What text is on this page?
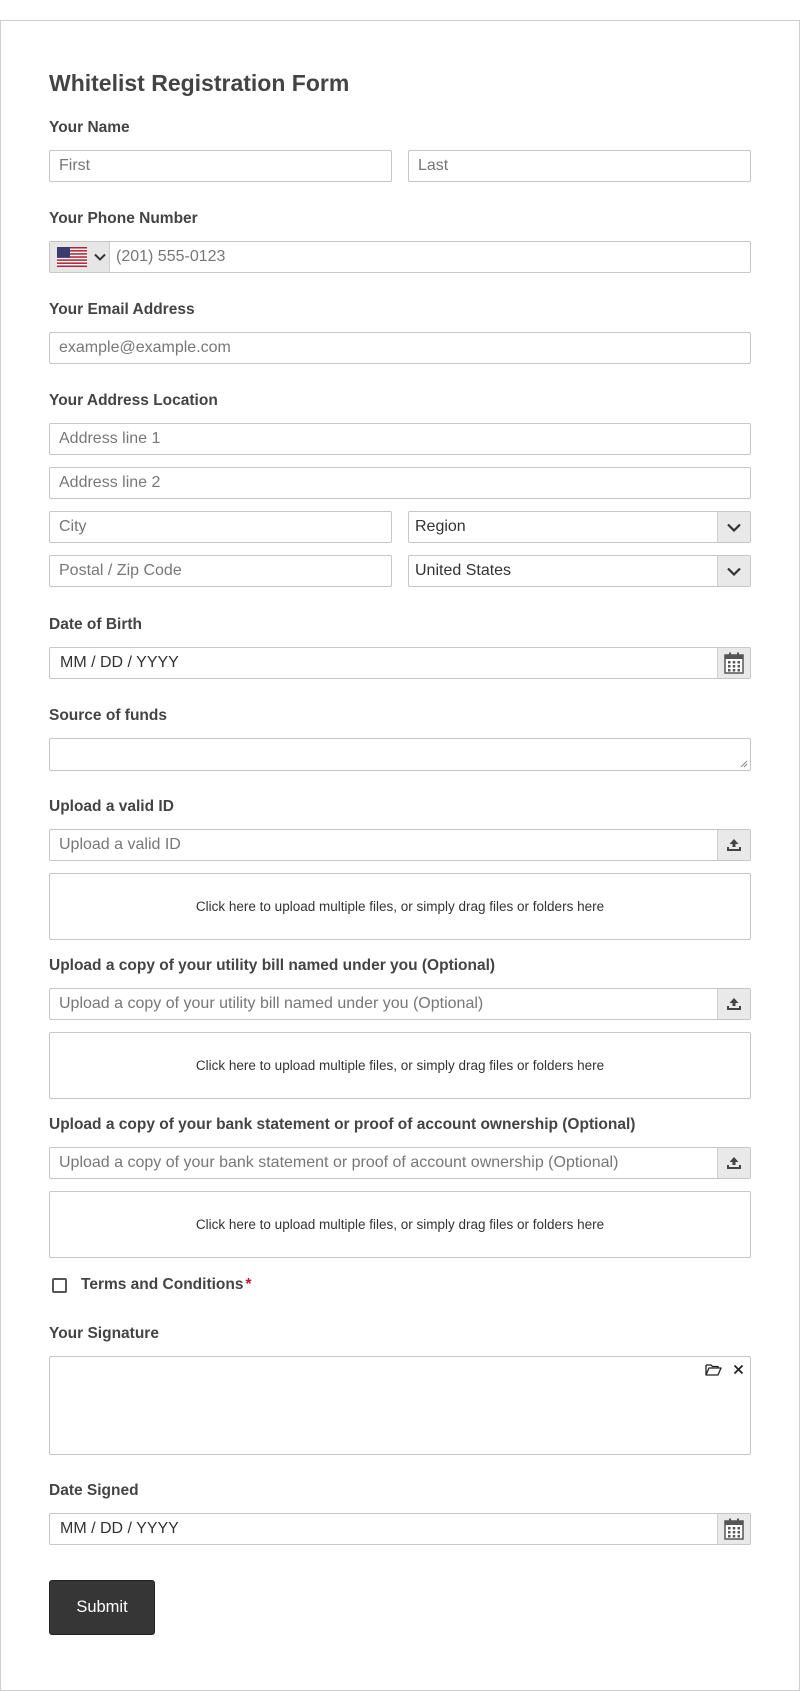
Whitelist Registration Form
Your Name
First	Last
Your Phone Number
(201) 555-0123
Your Email Address
example@example.com
Your Address Location
Address line 1
Address line 2
City	Region
Postal / Zip Code	United States
Date of Birth
MM / DD / YYYY
Source of funds
Upload a valid ID
Upload a valid ID
Click here to upload multiple files, or simply drag files or folders here
Upload a copy of your utility bill named under you (Optional)
Upload a copy of your utility bill named under you (Optional)
Click here to upload multiple files, or simply drag files or folders here
Upload a copy of your bank statement or proof of account ownership (Optional)
Upload a copy of your bank statement or proof of account ownership (Optional)
Click here to upload multiple files, or simply drag files or folders here
Terms and Conditions *
Your Signature
Date Signed
MM / DD / YYYY
Submit
